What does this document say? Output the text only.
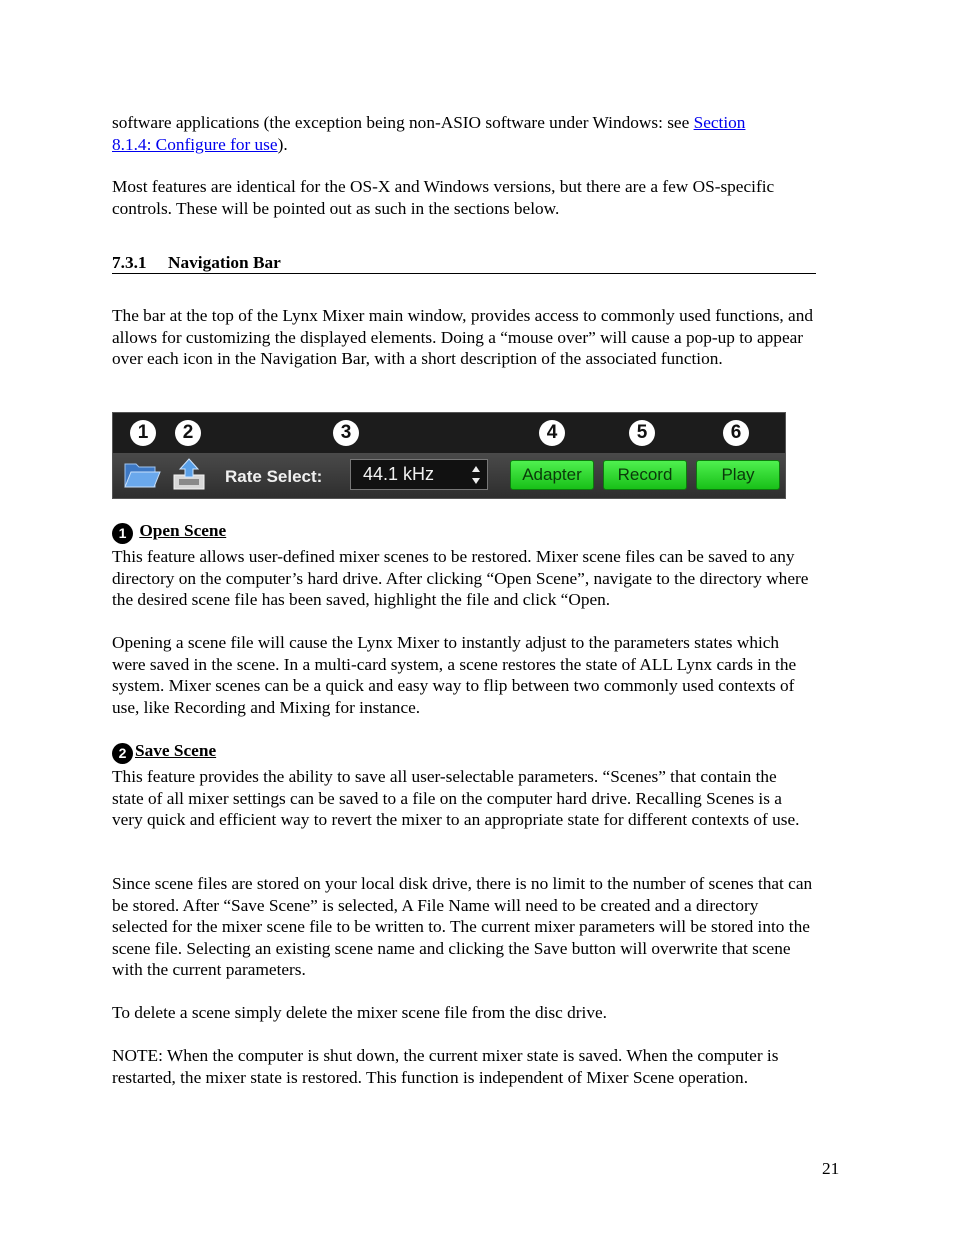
software applications (the exception being non-ASIO software under Windows: see Section
8.1.4: Configure for use).

Most features are identical for the OS-X and Windows versions, but there are a few OS-specific controls. These will be pointed out as such in the sections below.

7.3.1 Navigation Bar

The bar at the top of the Lynx Mixer main window, provides access to commonly used functions, and allows for customizing the displayed elements. Doing a “mouse over” will cause a pop-up to appear over each icon in the Navigation Bar, with a short description of the associated function.

1	2	3	4	5	6
Rate Select:	44.1 kHz	Adapter	Record	Play
1 Open Scene

This feature allows user-defined mixer scenes to be restored. Mixer scene files can be saved to any directory on the computer’s hard drive. After clicking “Open Scene”, navigate to the directory where the desired scene file has been saved, highlight the file and click “Open.

Opening a scene file will cause the Lynx Mixer to instantly adjust to the parameters states which were saved in the scene. In a multi-card system, a scene restores the state of ALL Lynx cards in the system. Mixer scenes can be a quick and easy way to flip between two commonly used contexts of use, like Recording and Mixing for instance.

2 Save Scene

This feature provides the ability to save all user-selectable parameters. “Scenes” that contain the state of all mixer settings can be saved to a file on the computer hard drive. Recalling Scenes is a very quick and efficient way to revert the mixer to an appropriate state for different contexts of use.

Since scene files are stored on your local disk drive, there is no limit to the number of scenes that can be stored. After “Save Scene” is selected, A File Name will need to be created and a directory selected for the mixer scene file to be written to. The current mixer parameters will be stored into the scene file. Selecting an existing scene name and clicking the Save button will overwrite that scene with the current parameters.

To delete a scene simply delete the mixer scene file from the disc drive.

NOTE: When the computer is shut down, the current mixer state is saved. When the computer is restarted, the mixer state is restored. This function is independent of Mixer Scene operation.

21
